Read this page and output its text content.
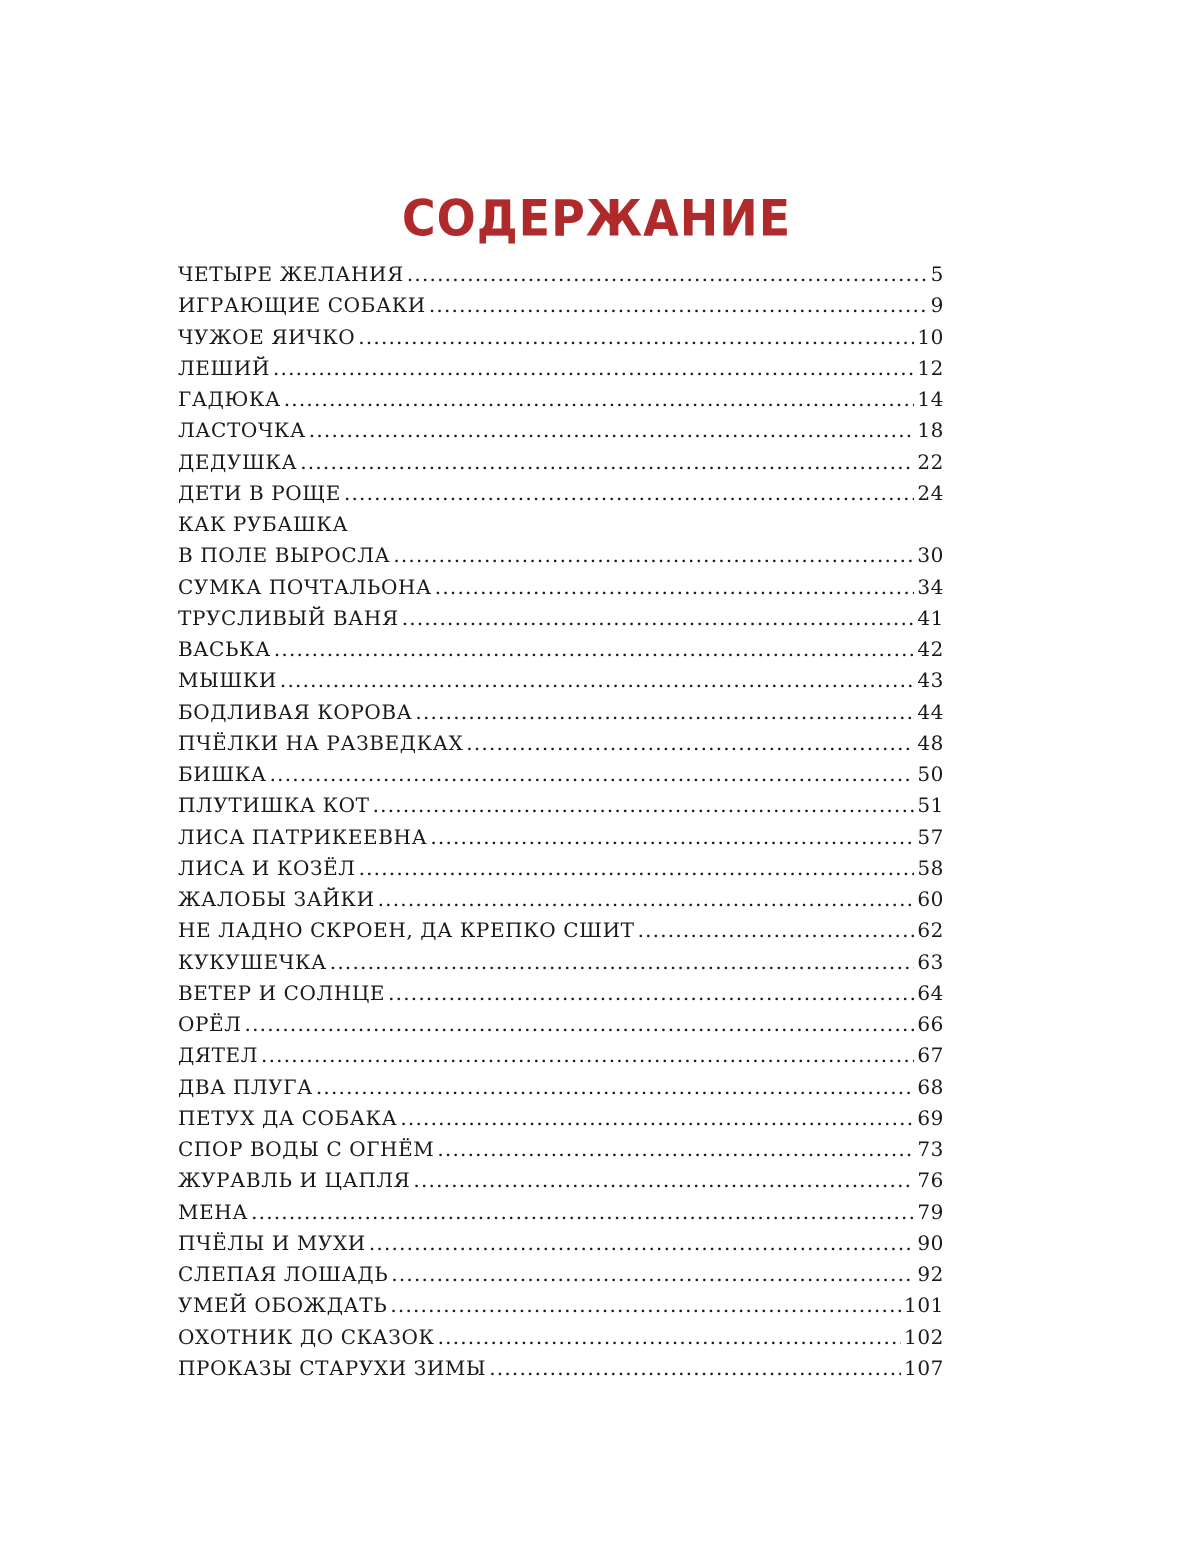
СОДЕРЖАНИЕ
ЧЕТЫРЕ ЖЕЛАНИЯ .....	5
ИГРАЮЩИЕ СОБАКИ .....	9
ЧУЖОЕ ЯИЧКО .....	10
ЛЕШИЙ .....	12
ГАДЮКА .....	14
ЛАСТОЧКА .....	18
ДЕДУШКА .....	22
ДЕТИ В РОЩЕ .....	24
КАК РУБАШКА
В ПОЛЕ ВЫРОСЛА .....	30
СУМКА ПОЧТАЛЬОНА .....	34
ТРУСЛИВЫЙ ВАНЯ .....	41
ВАСЬКА .....	42
МЫШКИ .....	43
БОДЛИВАЯ КОРОВА .....	44
ПЧЁЛКИ НА РАЗВЕДКАХ .....	48
БИШКА .....	50
ПЛУТИШКА КОТ .....	51
ЛИСА ПАТРИКЕЕВНА .....	57
ЛИСА И КОЗЁЛ .....	58
ЖАЛОБЫ ЗАЙКИ .....	60
НЕ ЛАДНО СКРОЕН, ДА КРЕПКО СШИТ .....	62
КУКУШЕЧКА .....	63
ВЕТЕР И СОЛНЦЕ .....	64
ОРЁЛ .....	66
ДЯТЕЛ .....	67
ДВА ПЛУГА .....	68
ПЕТУХ ДА СОБАКА .....	69
СПОР ВОДЫ С ОГНЁМ .....	73
ЖУРАВЛЬ И ЦАПЛЯ .....	76
МЕНА .....	79
ПЧЁЛЫ И МУХИ .....	90
СЛЕПАЯ ЛОШАДЬ .....	92
УМЕЙ ОБОЖДАТЬ .....	101
ОХОТНИК ДО СКАЗОК .....	102
ПРОКАЗЫ СТАРУХИ ЗИМЫ .....	107
